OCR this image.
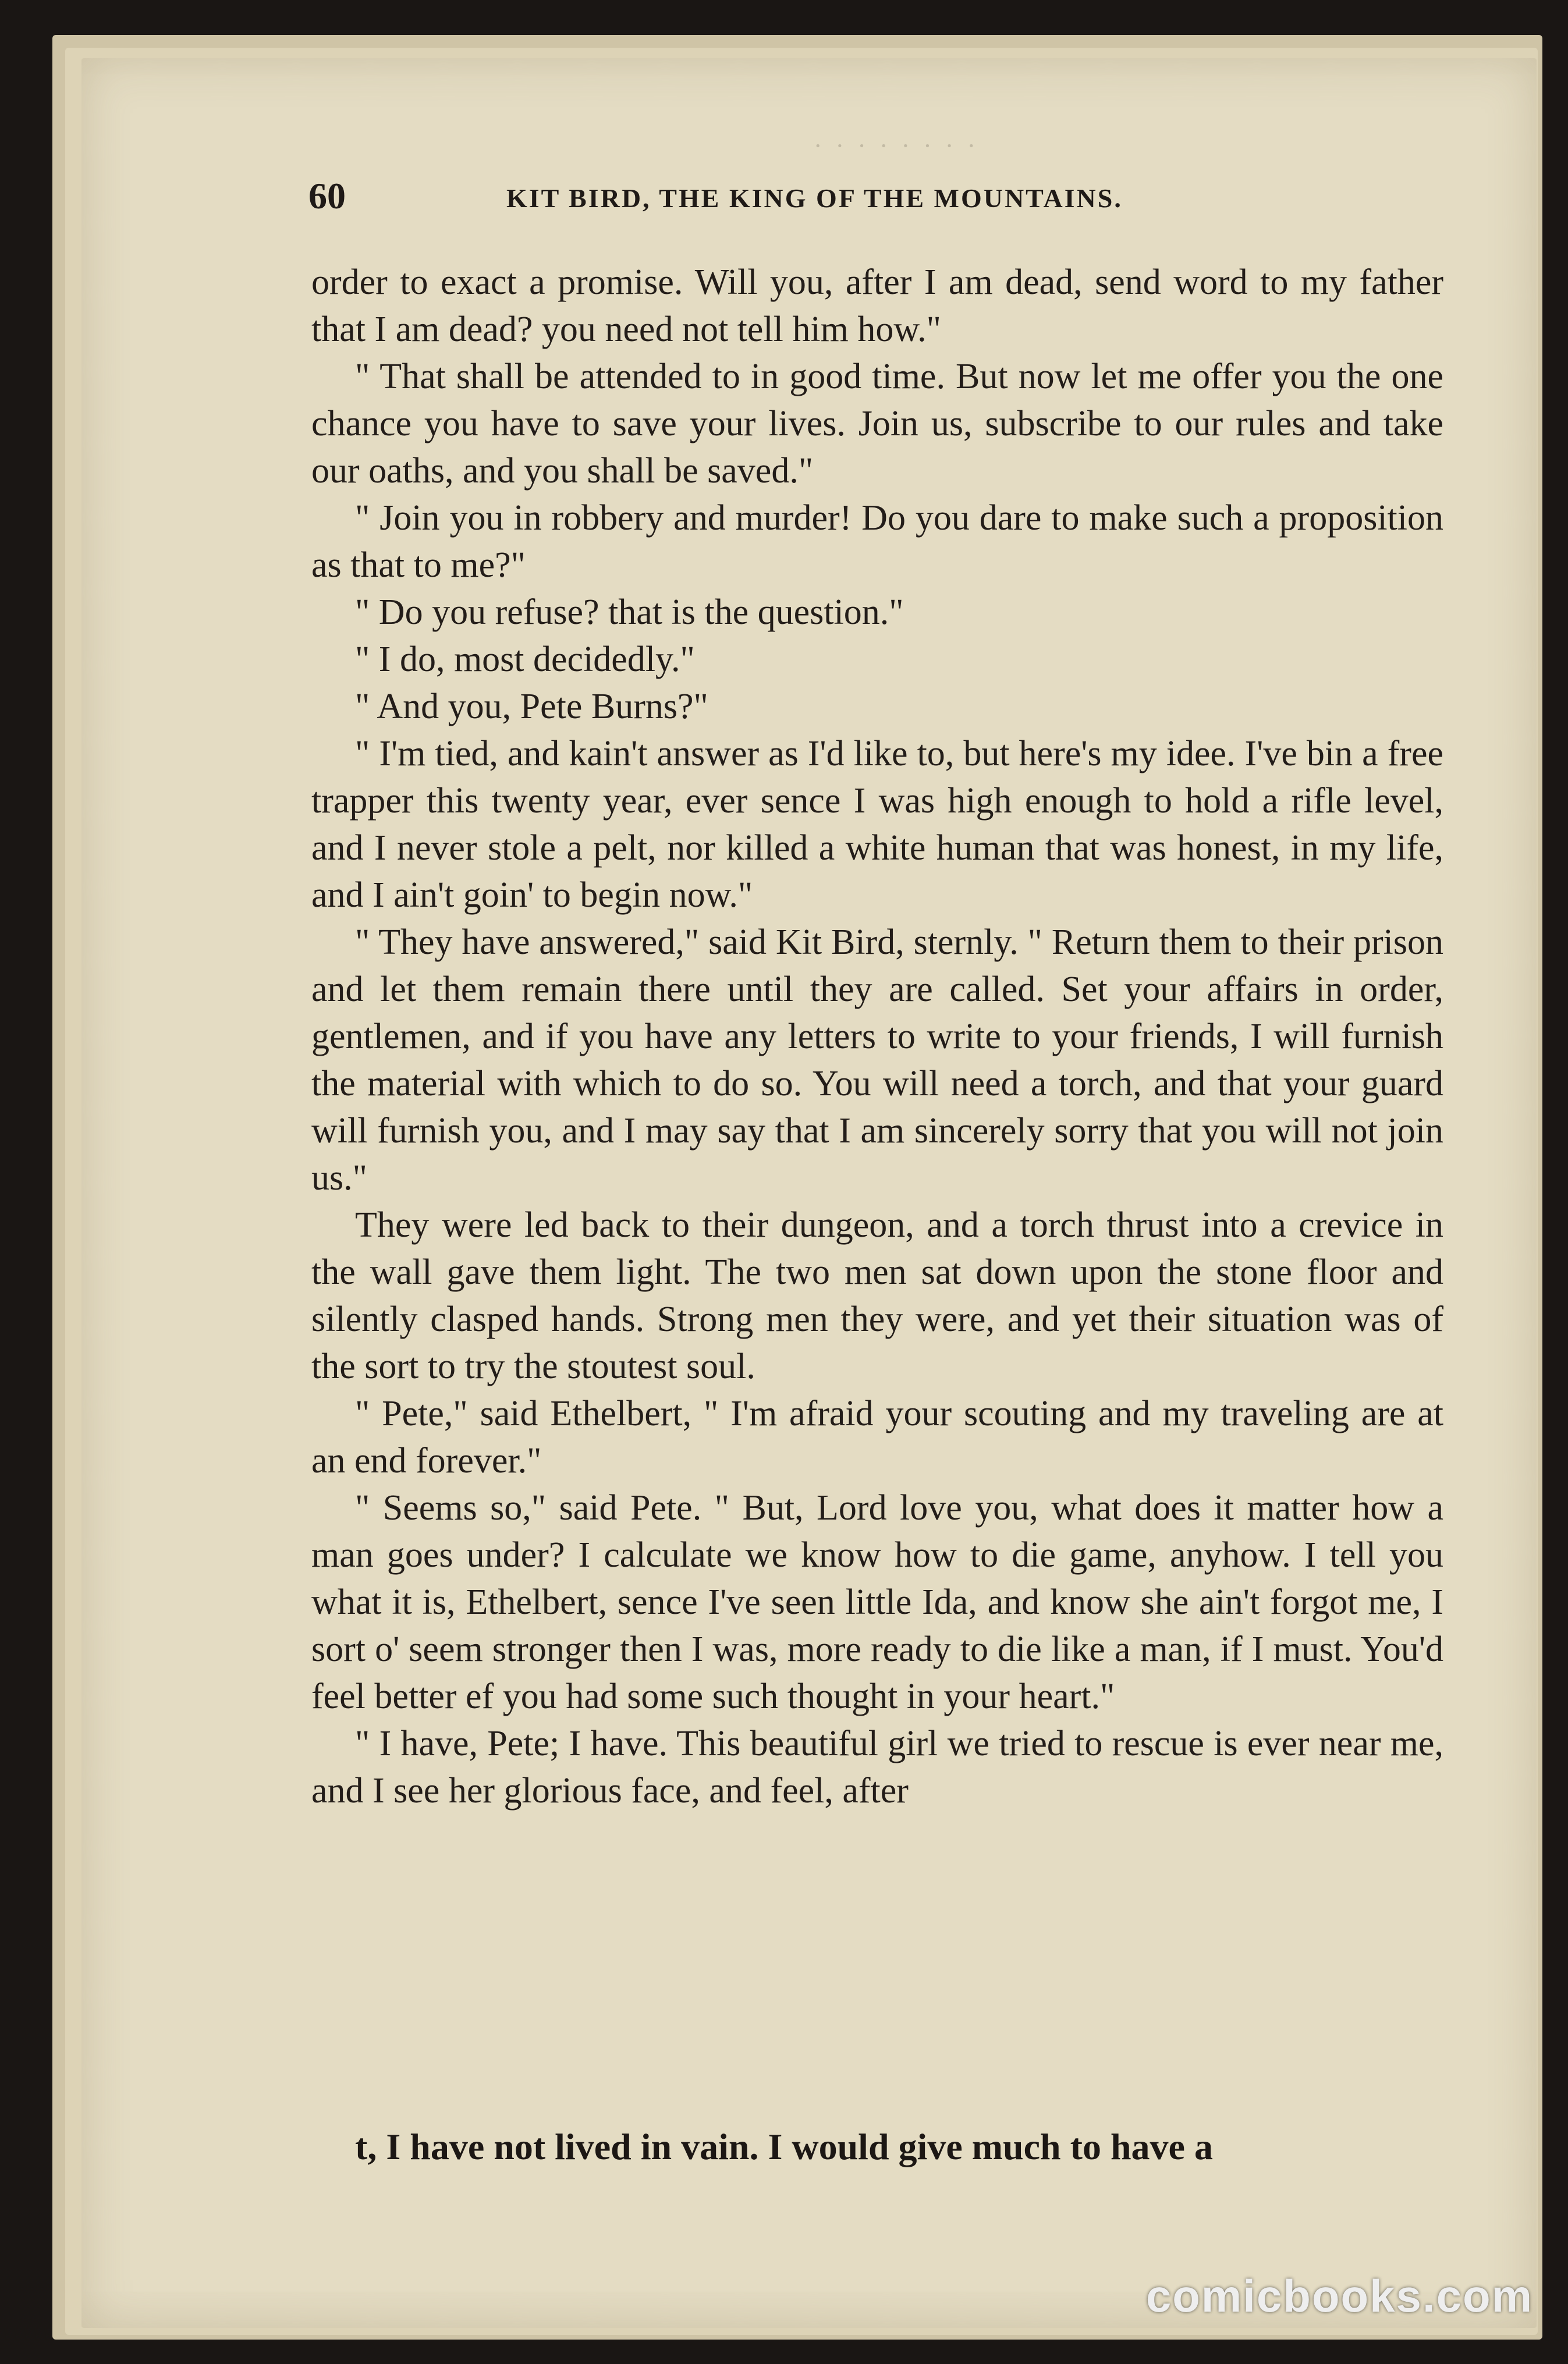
· · · · · · · ·
60	KIT BIRD, THE KING OF THE MOUNTAINS.

order to exact a promise. Will you, after I am dead, send word to my father that I am dead? you need not tell him how."

" That shall be attended to in good time. But now let me offer you the one chance you have to save your lives. Join us, subscribe to our rules and take our oaths, and you shall be saved."

" Join you in robbery and murder! Do you dare to make such a proposition as that to me?"

" Do you refuse? that is the question."

" I do, most decidedly."

" And you, Pete Burns?"

" I'm tied, and kain't answer as I'd like to, but here's my idee. I've bin a free trapper this twenty year, ever sence I was high enough to hold a rifle level, and I never stole a pelt, nor killed a white human that was honest, in my life, and I ain't goin' to begin now."

" They have answered," said Kit Bird, sternly. " Return them to their prison and let them remain there until they are called. Set your affairs in order, gentlemen, and if you have any letters to write to your friends, I will furnish the material with which to do so. You will need a torch, and that your guard will furnish you, and I may say that I am sincerely sorry that you will not join us."

They were led back to their dungeon, and a torch thrust into a crevice in the wall gave them light. The two men sat down upon the stone floor and silently clasped hands. Strong men they were, and yet their situation was of the sort to try the stoutest soul.

" Pete," said Ethelbert, " I'm afraid your scouting and my traveling are at an end forever."

" Seems so," said Pete. " But, Lord love you, what does it matter how a man goes under? I calculate we know how to die game, anyhow. I tell you what it is, Ethelbert, sence I've seen little Ida, and know she ain't forgot me, I sort o' seem stronger then I was, more ready to die like a man, if I must. You'd feel better ef you had some such thought in your heart."

" I have, Pete; I have. This beautiful girl we tried to rescue is ever near me, and I see her glorious face, and feel, after

t, I have not lived in vain. I would give much to have a
comicbooks.com
